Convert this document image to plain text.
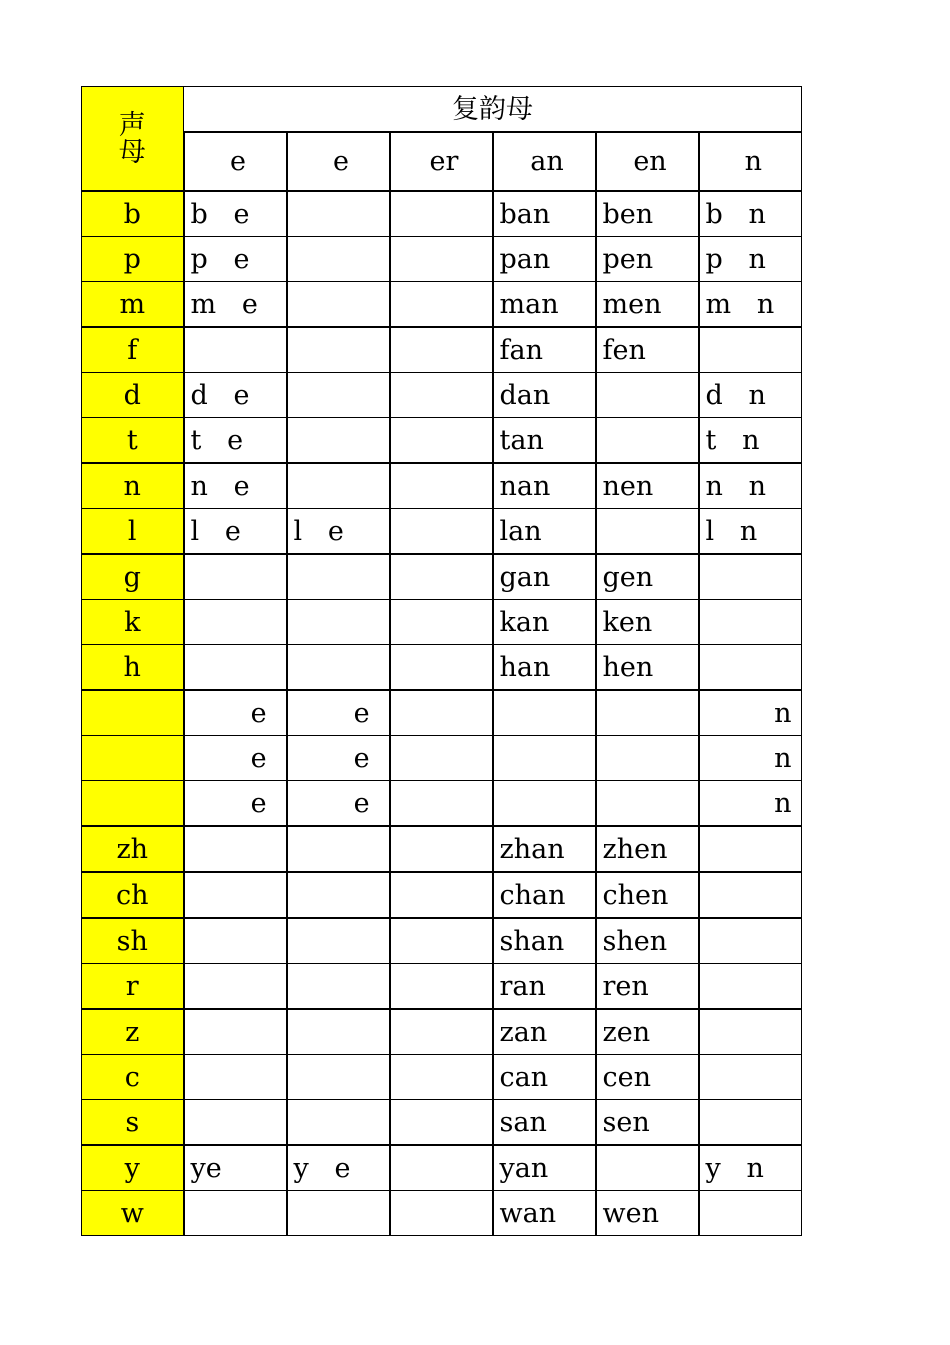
声
母	复韵母					
	e	e	er	an	en	n
b	b   e			ban	ben	b   n
p	p   e			pan	pen	p   n
m	m   e			man	men	m   n
f				fan	fen	
d	d   e			dan		d   n
t	t   e			tan		t   n
n	n   e			nan	nen	n   n
l	l   e	l   e		lan		l   n
g				gan	gen	
k				kan	ken	
h				han	hen	
	e	e				n
	e	e				n
	e	e				n
zh				zhan	zhen	
ch				chan	chen	
sh				shan	shen	
r				ran	ren	
z				zan	zen	
c				can	cen	
s				san	sen	
y	ye	y   e		yan		y   n
w				wan	wen	
